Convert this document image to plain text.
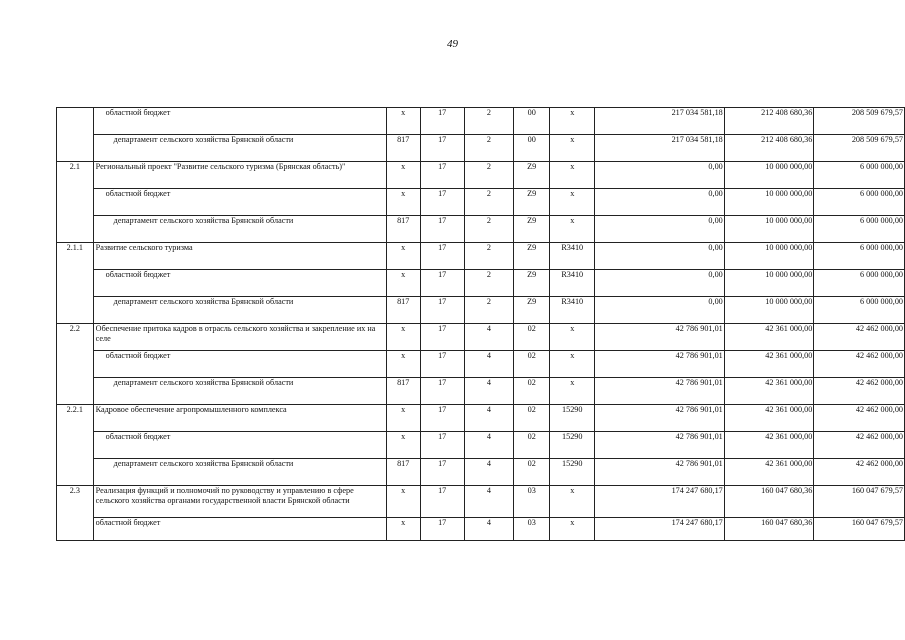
49
	областной бюджет	x	17	2	00	x	217 034 581,18	212 408 680,36	208 509 679,57
	департамент сельского хозяйства Брянской области	817	17	2	00	x	217 034 581,18	212 408 680,36	208 509 679,57
2.1	Региональный проект "Развитие сельского туризма (Брянская область)"	x	17	2	Z9	x	0,00	10 000 000,00	6 000 000,00
	областной бюджет	x	17	2	Z9	x	0,00	10 000 000,00	6 000 000,00
	департамент сельского хозяйства Брянской области	817	17	2	Z9	x	0,00	10 000 000,00	6 000 000,00
2.1.1	Развитие сельского туризма	x	17	2	Z9	R3410	0,00	10 000 000,00	6 000 000,00
	областной бюджет	x	17	2	Z9	R3410	0,00	10 000 000,00	6 000 000,00
	департамент сельского хозяйства Брянской области	817	17	2	Z9	R3410	0,00	10 000 000,00	6 000 000,00
2.2	Обеспечение притока кадров в отрасль сельского хозяйства и закрепление их на селе	x	17	4	02	x	42 786 901,01	42 361 000,00	42 462 000,00
	областной бюджет	x	17	4	02	x	42 786 901,01	42 361 000,00	42 462 000,00
	департамент сельского хозяйства Брянской области	817	17	4	02	x	42 786 901,01	42 361 000,00	42 462 000,00
2.2.1	Кадровое обеспечение агропромышленного комплекса	x	17	4	02	15290	42 786 901,01	42 361 000,00	42 462 000,00
	областной бюджет	x	17	4	02	15290	42 786 901,01	42 361 000,00	42 462 000,00
	департамент сельского хозяйства Брянской области	817	17	4	02	15290	42 786 901,01	42 361 000,00	42 462 000,00
2.3	Реализация функций и полномочий по руководству и управлению в сфере сельского хозяйства органами государственной власти Брянской области	x	17	4	03	x	174 247 680,17	160 047 680,36	160 047 679,57
	областной бюджет	x	17	4	03	x	174 247 680,17	160 047 680,36	160 047 679,57
